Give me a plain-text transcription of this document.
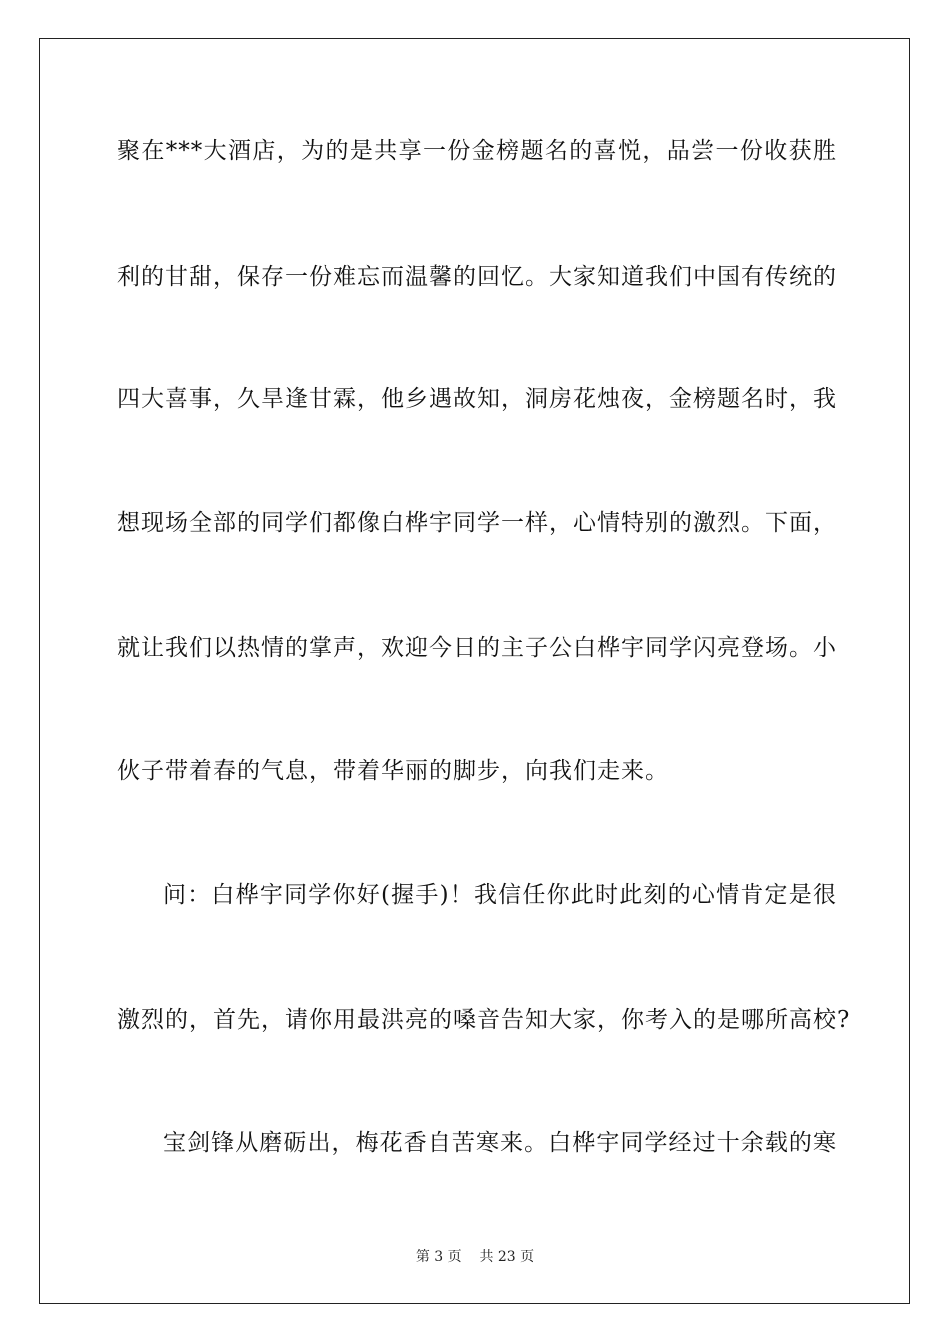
聚在***大酒店，为的是共享一份金榜题名的喜悦，品尝一份收获胜
利的甘甜，保存一份难忘而温馨的回忆。大家知道我们中国有传统的
四大喜事，久旱逢甘霖，他乡遇故知，洞房花烛夜，金榜题名时，我
想现场全部的同学们都像白桦宇同学一样，心情特别的激烈。下面，
就让我们以热情的掌声，欢迎今日的主子公白桦宇同学闪亮登场。小
伙子带着春的气息，带着华丽的脚步，向我们走来。
问：白桦宇同学你好(握手)！我信任你此时此刻的心情肯定是很
激烈的，首先，请你用最洪亮的嗓音告知大家，你考入的是哪所高校?
宝剑锋从磨砺出，梅花香自苦寒来。白桦宇同学经过十余载的寒
第 3 页 共 23 页
